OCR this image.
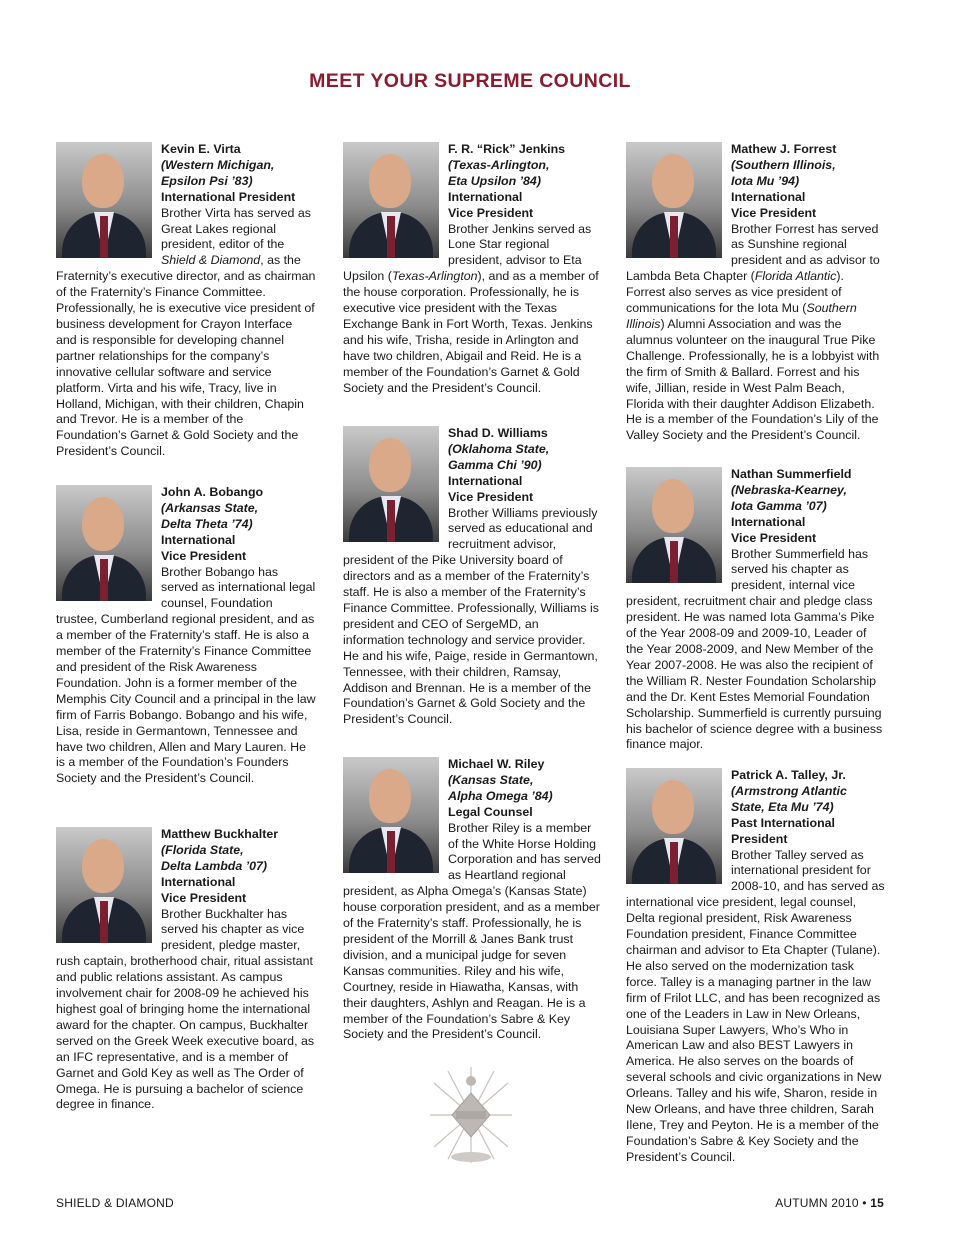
MEET YOUR SUPREME COUNCIL
Kevin E. Virta
(Western Michigan,
Epsilon Psi ’83)
International President

Brother Virta has served as Great Lakes regional president, editor of the Shield & Diamond, as the Fraternity’s executive director, and as chairman of the Fraternity’s Finance Committee. Professionally, he is executive vice president of business development for Crayon Interface and is responsible for developing channel partner relationships for the company’s innovative cellular software and service platform. Virta and his wife, Tracy, live in Holland, Michigan, with their children, Chapin and Trevor. He is a member of the Foundation’s Garnet & Gold Society and the President’s Council.

John A. Bobango
(Arkansas State,
Delta Theta ’74)
International
Vice President

Brother Bobango has served as international legal counsel, Foundation trustee, Cumberland regional president, and as a member of the Fraternity’s staff. He is also a member of the Fraternity’s Finance Committee and president of the Risk Awareness Foundation. John is a former member of the Memphis City Council and a principal in the law firm of Farris Bobango. Bobango and his wife, Lisa, reside in Germantown, Tennessee and have two children, Allen and Mary Lauren. He is a member of the Foundation’s Founders Society and the President’s Council.

Matthew Buckhalter
(Florida State,
Delta Lambda ’07)
International
Vice President

Brother Buckhalter has served his chapter as vice president, pledge master, rush captain, brotherhood chair, ritual assistant and public relations assistant. As campus involvement chair for 2008-09 he achieved his highest goal of bringing home the international award for the chapter. On campus, Buckhalter served on the Greek Week executive board, as an IFC representative, and is a member of Garnet and Gold Key as well as The Order of Omega. He is pursuing a bachelor of science degree in finance.

F. R. “Rick” Jenkins
(Texas-Arlington,
Eta Upsilon ’84)
International
Vice President

Brother Jenkins served as Lone Star regional president, advisor to Eta Upsilon (Texas-Arlington), and as a member of the house corporation. Professionally, he is executive vice president with the Texas Exchange Bank in Fort Worth, Texas. Jenkins and his wife, Trisha, reside in Arlington and have two children, Abigail and Reid. He is a member of the Foundation’s Garnet & Gold Society and the President’s Council.

Shad D. Williams
(Oklahoma State,
Gamma Chi ’90)
International
Vice President

Brother Williams previously served as educational and recruitment advisor, president of the Pike University board of directors and as a member of the Fraternity’s staff. He is also a member of the Fraternity’s Finance Committee. Professionally, Williams is president and CEO of SergeMD, an information technology and service provider. He and his wife, Paige, reside in Germantown, Tennessee, with their children, Ramsay, Addison and Brennan. He is a member of the Foundation’s Garnet & Gold Society and the President’s Council.

Michael W. Riley
(Kansas State,
Alpha Omega ’84)
Legal Counsel

Brother Riley is a member of the White Horse Holding Corporation and has served as Heartland regional president, as Alpha Omega’s (Kansas State) house corporation president, and as a member of the Fraternity’s staff. Professionally, he is president of the Morrill & Janes Bank trust division, and a municipal judge for seven Kansas communities. Riley and his wife, Courtney, reside in Hiawatha, Kansas, with their daughters, Ashlyn and Reagan. He is a member of the Foundation’s Sabre & Key Society and the President’s Council.

Mathew J. Forrest
(Southern Illinois,
Iota Mu ’94)
International
Vice President

Brother Forrest has served as Sunshine regional president and as advisor to Lambda Beta Chapter (Florida Atlantic). Forrest also serves as vice president of communications for the Iota Mu (Southern Illinois) Alumni Association and was the alumnus volunteer on the inaugural True Pike Challenge. Professionally, he is a lobbyist with the firm of Smith & Ballard. Forrest and his wife, Jillian, reside in West Palm Beach, Florida with their daughter Addison Elizabeth. He is a member of the Foundation’s Lily of the Valley Society and the President’s Council.

Nathan Summerfield
(Nebraska-Kearney,
Iota Gamma ’07)
International
Vice President

Brother Summerfield has served his chapter as president, internal vice president, recruitment chair and pledge class president. He was named Iota Gamma’s Pike of the Year 2008-09 and 2009-10, Leader of the Year 2008-2009, and New Member of the Year 2007-2008. He was also the recipient of the William R. Nester Foundation Scholarship and the Dr. Kent Estes Memorial Foundation Scholarship. Summerfield is currently pursuing his bachelor of science degree with a business finance major.

Patrick A. Talley, Jr.
(Armstrong Atlantic
State, Eta Mu ’74)
Past International
President

Brother Talley served as international president for 2008-10, and has served as international vice president, legal counsel, Delta regional president, Risk Awareness Foundation president, Finance Committee chairman and advisor to Eta Chapter (Tulane). He also served on the modernization task force. Talley is a managing partner in the law firm of Frilot LLC, and has been recognized as one of the Leaders in Law in New Orleans, Louisiana Super Lawyers, Who’s Who in American Law and also BEST Lawyers in America. He also serves on the boards of several schools and civic organizations in New Orleans. Talley and his wife, Sharon, reside in New Orleans, and have three children, Sarah Ilene, Trey and Peyton. He is a member of the Foundation’s Sabre & Key Society and the President’s Council.

SHIELD & DIAMOND	AUTUMN 2010 • 15
